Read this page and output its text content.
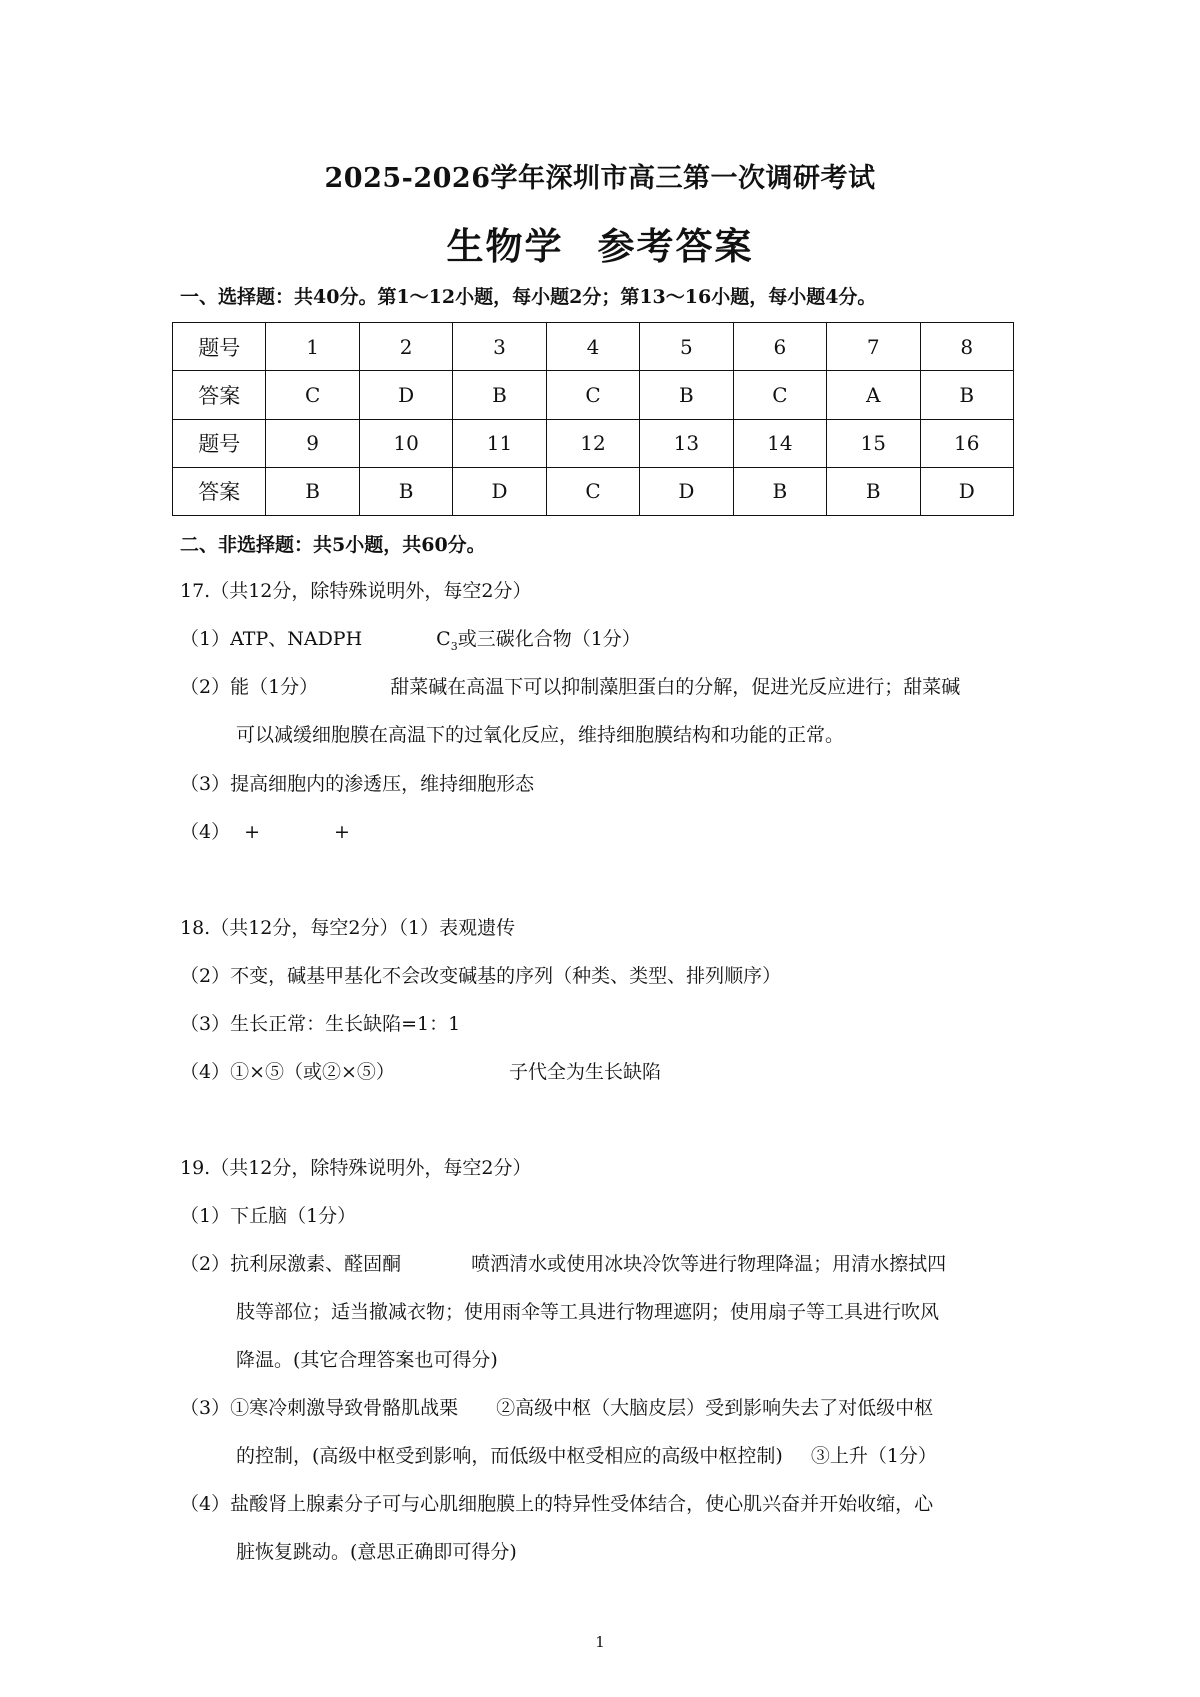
2025-2026学年深圳市高三第一次调研考试
生物学 参考答案
一、选择题：共40分。第1～12小题，每小题2分；第13～16小题，每小题4分。
题号	1	2	3	4	5	6	7	8
答案	C	D	B	C	B	C	A	B
题号	9	10	11	12	13	14	15	16
答案	B	B	D	C	D	B	B	D
二、非选择题：共5小题，共60分。
17.（共12分，除特殊说明外，每空2分）
（1）ATP、NADPH	$C_3$或三碳化合物（1分）
（2）能（1分）	甜菜碱在高温下可以抑制藻胆蛋白的分解，促进光反应进行；甜菜碱
可以减缓细胞膜在高温下的过氧化反应，维持细胞膜结构和功能的正常。
（3）提高细胞内的渗透压，维持细胞形态
（4） +	+
18.（共12分，每空2分）（1）表观遗传
（2）不变，碱基甲基化不会改变碱基的序列（种类、类型、排列顺序）
（3）生长正常：生长缺陷=1：1
（4）①×⑤（或②×⑤）	子代全为生长缺陷
19.（共12分，除特殊说明外，每空2分）
（1）下丘脑（1分）
（2）抗利尿激素、醛固酮	喷洒清水或使用冰块冷饮等进行物理降温；用清水擦拭四
肢等部位；适当撤减衣物；使用雨伞等工具进行物理遮阴；使用扇子等工具进行吹风
降温。(其它合理答案也可得分)
（3）①寒冷刺激导致骨骼肌战栗 ②高级中枢（大脑皮层）受到影响失去了对低级中枢
的控制，(高级中枢受到影响，而低级中枢受相应的高级中枢控制) ③上升（1分）
（4）盐酸肾上腺素分子可与心肌细胞膜上的特异性受体结合，使心肌兴奋并开始收缩，心
脏恢复跳动。(意思正确即可得分)
1
